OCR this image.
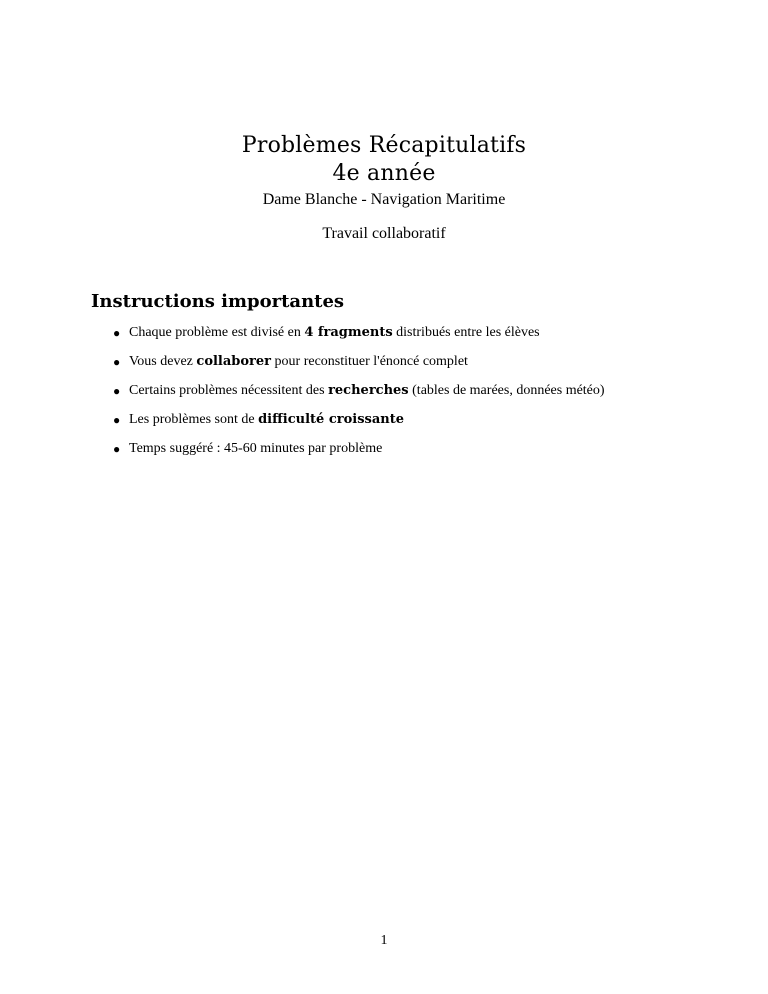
Problèmes Récapitulatifs
4e année
Dame Blanche - Navigation Maritime
Travail collaboratif
Instructions importantes
● Chaque problème est divisé en 4 fragments distribués entre les élèves
● Vous devez collaborer pour reconstituer l'énoncé complet
● Certains problèmes nécessitent des recherches (tables de marées, données météo)
● Les problèmes sont de difficulté croissante
● Temps suggéré : 45-60 minutes par problème
1
